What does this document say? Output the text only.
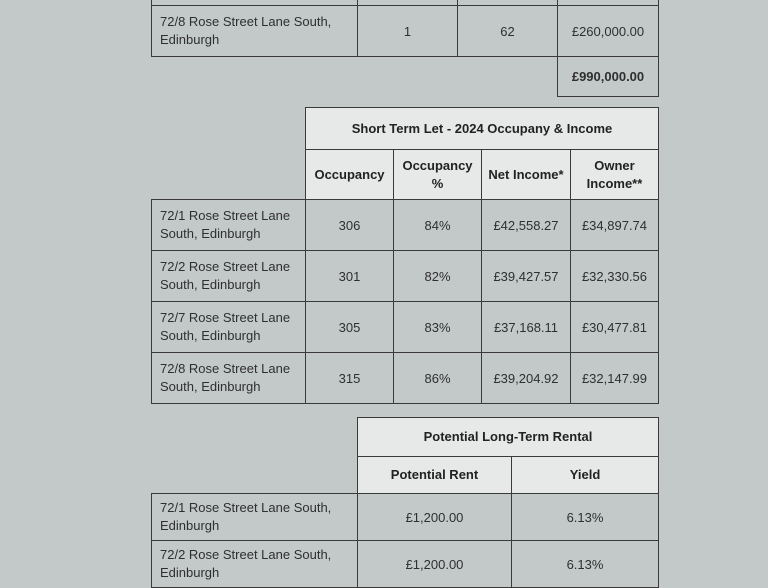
72/8 Rose Street Lane South, Edinburgh	1	62	£260,000.00
			£990,000.00
	Short Term Let - 2024 Occupany & Income			
	Occupancy	Occupancy %	Net Income*	Owner Income**
72/1 Rose Street Lane South, Edinburgh	306	84%	£42,558.27	£34,897.74
72/2 Rose Street Lane South, Edinburgh	301	82%	£39,427.57	£32,330.56
72/7 Rose Street Lane South, Edinburgh	305	83%	£37,168.11	£30,477.81
72/8 Rose Street Lane South, Edinburgh	315	86%	£39,204.92	£32,147.99
	Potential Long-Term Rental	
	Potential Rent	Yield
72/1 Rose Street Lane South, Edinburgh	£1,200.00	6.13%
72/2 Rose Street Lane South, Edinburgh	£1,200.00	6.13%
